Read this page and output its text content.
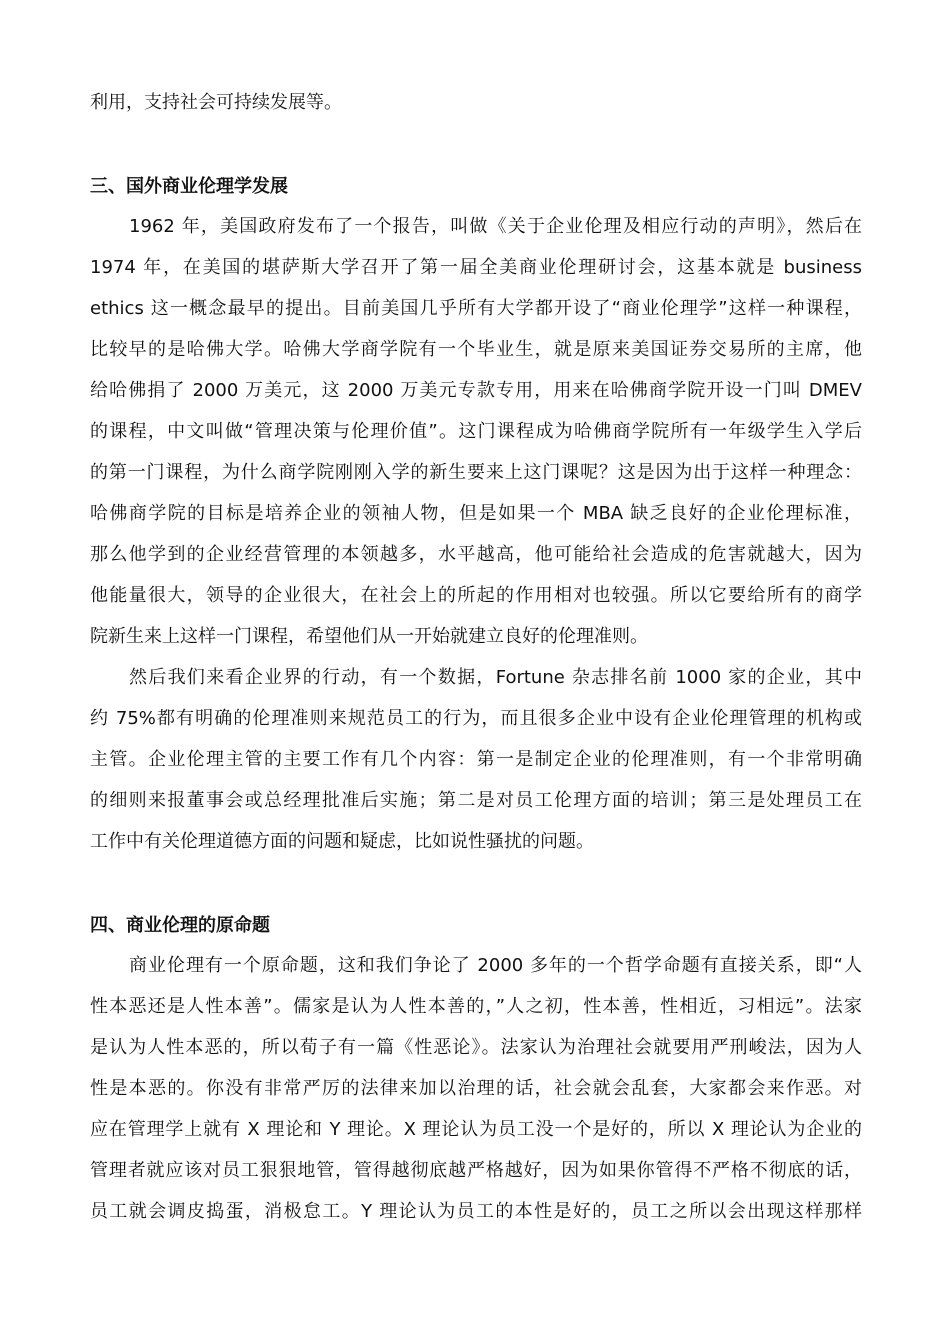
利用，支持社会可持续发展等。
三、国外商业伦理学发展
1962 年，美国政府发布了一个报告，叫做《关于企业伦理及相应行动的声明》，然后在
1974 年，在美国的堪萨斯大学召开了第一届全美商业伦理研讨会，这基本就是 business
ethics 这一概念最早的提出。目前美国几乎所有大学都开设了“商业伦理学”这样一种课程，
比较早的是哈佛大学。哈佛大学商学院有一个毕业生，就是原来美国证券交易所的主席，他
给哈佛捐了 2000 万美元，这 2000 万美元专款专用，用来在哈佛商学院开设一门叫 DMEV
的课程，中文叫做“管理决策与伦理价值”。这门课程成为哈佛商学院所有一年级学生入学后
的第一门课程，为什么商学院刚刚入学的新生要来上这门课呢？这是因为出于这样一种理念：
哈佛商学院的目标是培养企业的领袖人物，但是如果一个 MBA 缺乏良好的企业伦理标准，
那么他学到的企业经营管理的本领越多，水平越高，他可能给社会造成的危害就越大，因为
他能量很大，领导的企业很大，在社会上的所起的作用相对也较强。所以它要给所有的商学
院新生来上这样一门课程，希望他们从一开始就建立良好的伦理准则。
然后我们来看企业界的行动，有一个数据，Fortune 杂志排名前 1000 家的企业，其中
约 75%都有明确的伦理准则来规范员工的行为，而且很多企业中设有企业伦理管理的机构或
主管。企业伦理主管的主要工作有几个内容：第一是制定企业的伦理准则，有一个非常明确
的细则来报董事会或总经理批准后实施；第二是对员工伦理方面的培训；第三是处理员工在
工作中有关伦理道德方面的问题和疑虑，比如说性骚扰的问题。
四、商业伦理的原命题
商业伦理有一个原命题，这和我们争论了 2000 多年的一个哲学命题有直接关系，即“人
性本恶还是人性本善”。儒家是认为人性本善的，”人之初，性本善，性相近，习相远”。法家
是认为人性本恶的，所以荀子有一篇《性恶论》。法家认为治理社会就要用严刑峻法，因为人
性是本恶的。你没有非常严厉的法律来加以治理的话，社会就会乱套，大家都会来作恶。对
应在管理学上就有 X 理论和 Y 理论。X 理论认为员工没一个是好的，所以 X 理论认为企业的
管理者就应该对员工狠狠地管，管得越彻底越严格越好，因为如果你管得不严格不彻底的话，
员工就会调皮捣蛋，消极怠工。Y 理论认为员工的本性是好的，员工之所以会出现这样那样
